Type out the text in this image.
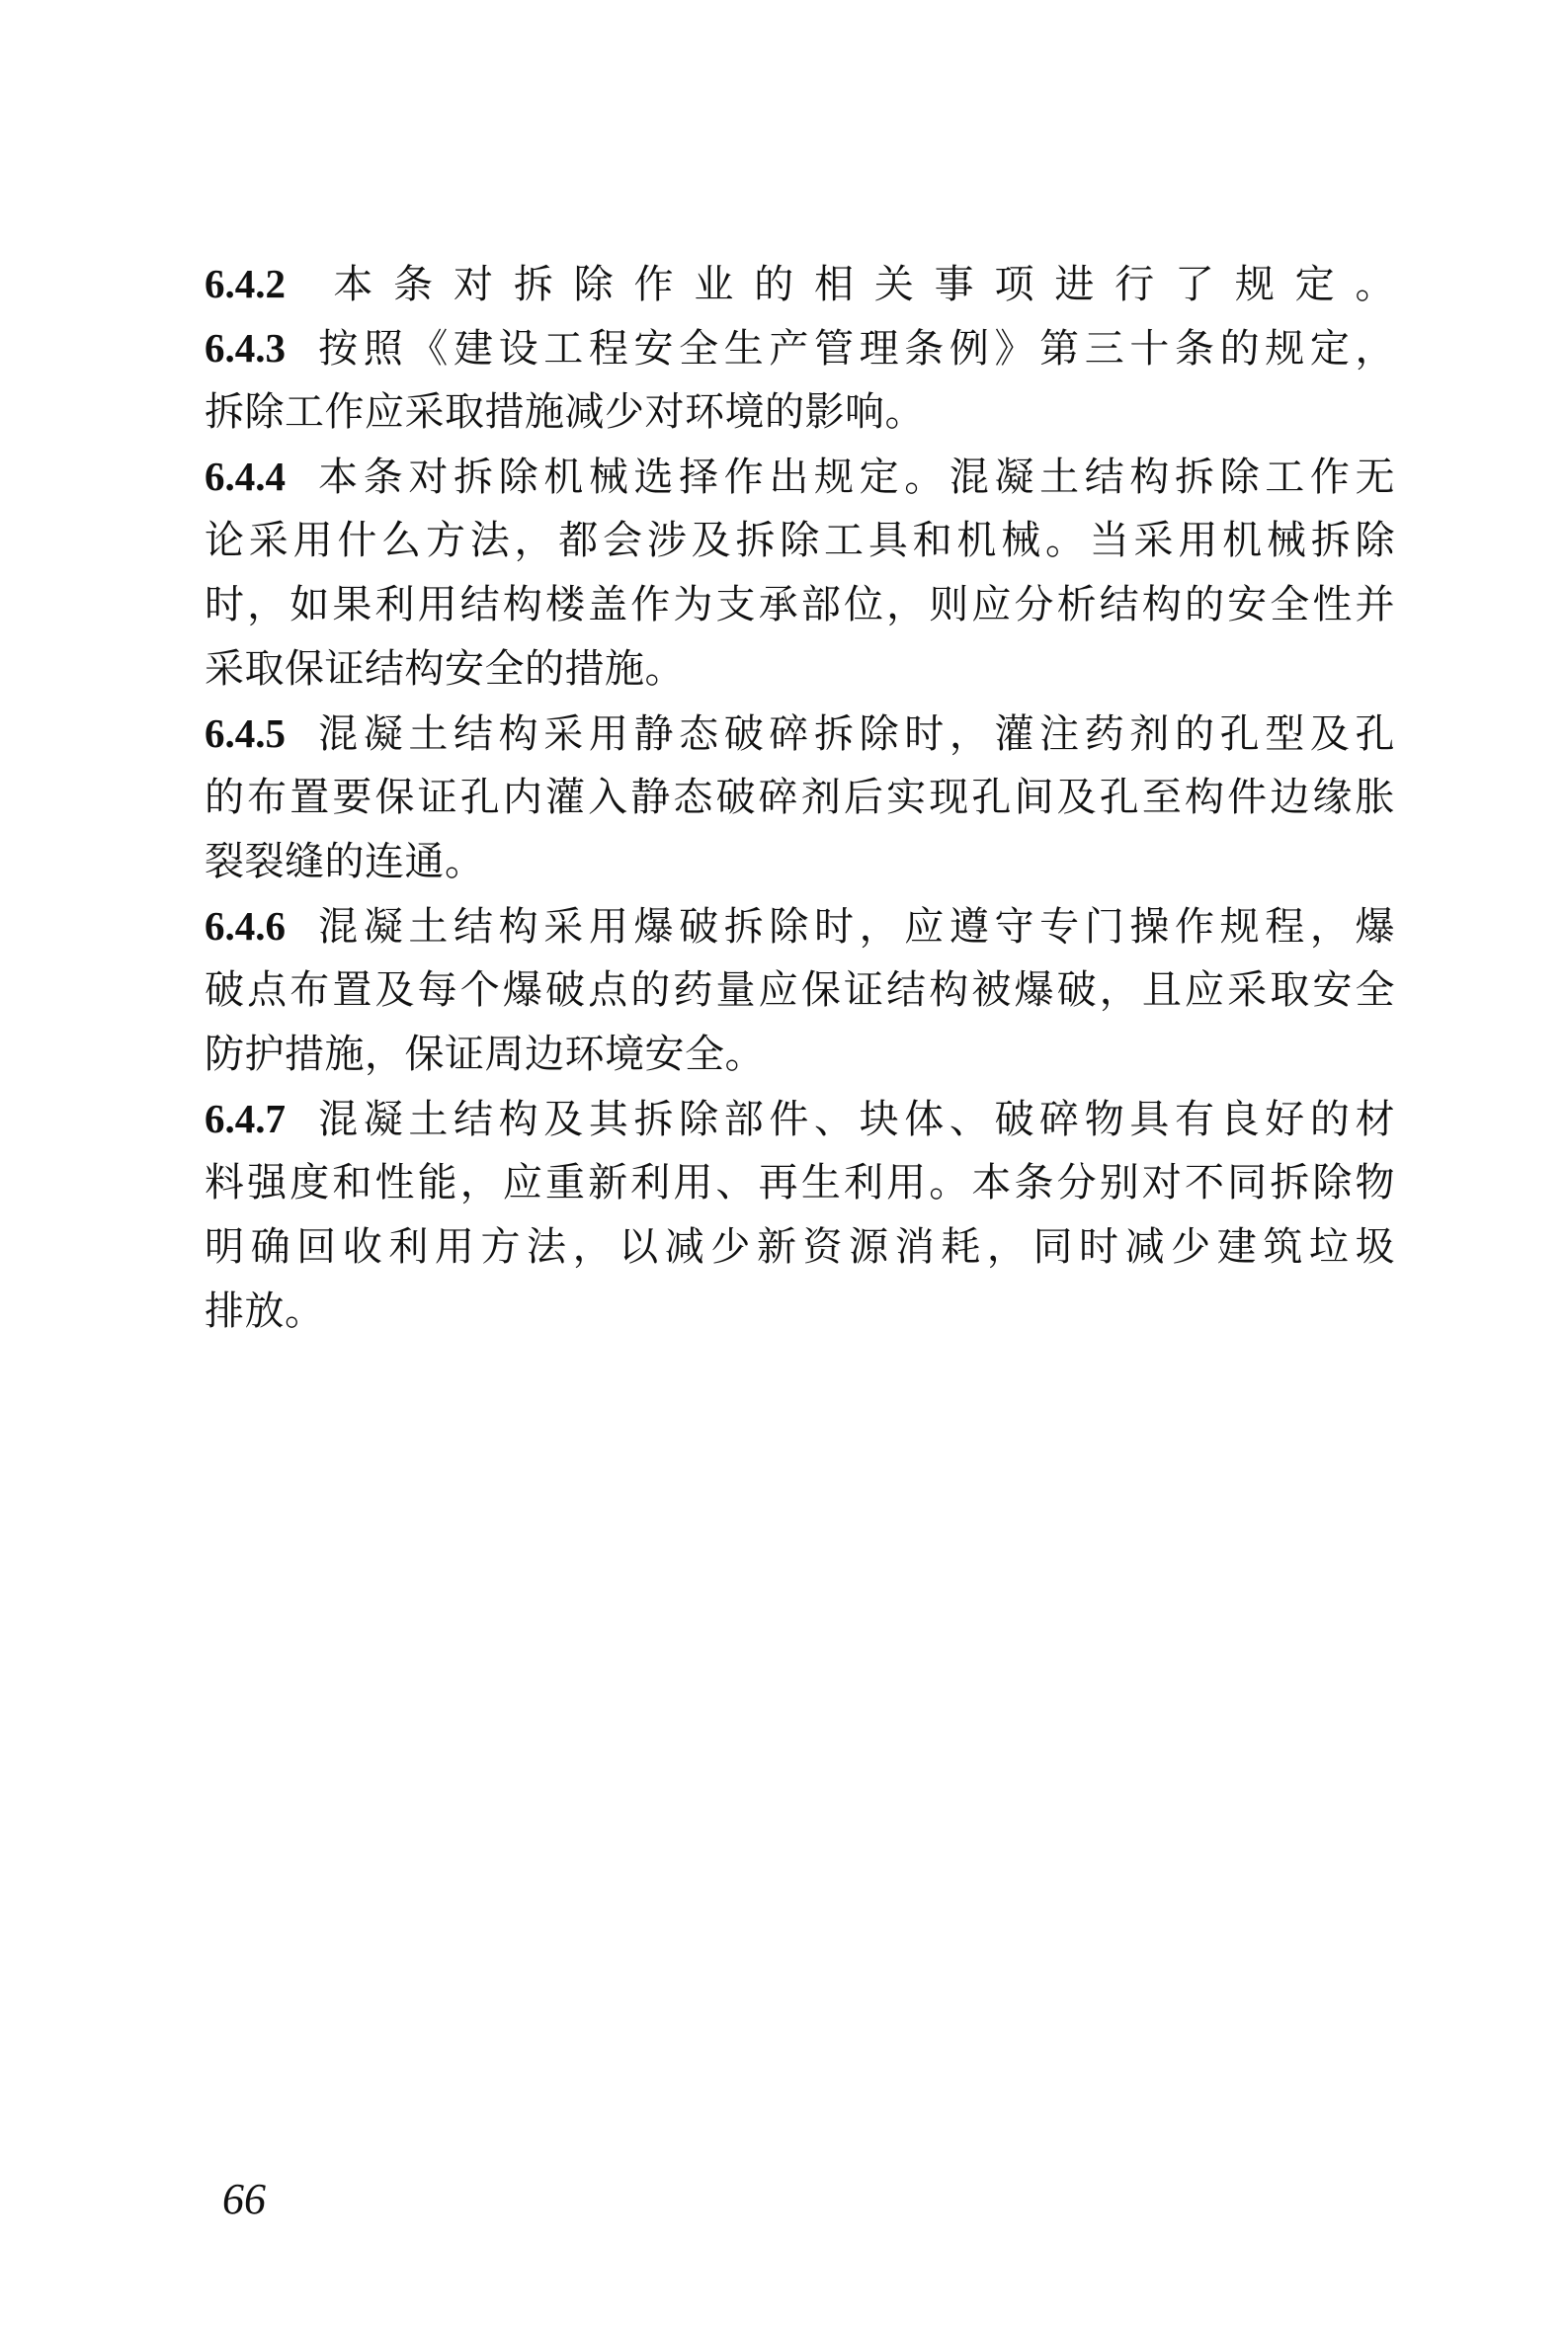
6.4.2 本条对拆除作业的相关事项进行了规定。
6.4.3 按照《建设工程安全生产管理条例》第三十条的规定，
拆除工作应采取措施减少对环境的影响。
6.4.4 本条对拆除机械选择作出规定。混凝土结构拆除工作无
论采用什么方法，都会涉及拆除工具和机械。当采用机械拆除
时，如果利用结构楼盖作为支承部位，则应分析结构的安全性并
采取保证结构安全的措施。
6.4.5 混凝土结构采用静态破碎拆除时，灌注药剂的孔型及孔
的布置要保证孔内灌入静态破碎剂后实现孔间及孔至构件边缘胀
裂裂缝的连通。
6.4.6 混凝土结构采用爆破拆除时，应遵守专门操作规程，爆
破点布置及每个爆破点的药量应保证结构被爆破，且应采取安全
防护措施，保证周边环境安全。
6.4.7 混凝土结构及其拆除部件、块体、破碎物具有良好的材
料强度和性能，应重新利用、再生利用。本条分别对不同拆除物
明确回收利用方法，以减少新资源消耗，同时减少建筑垃圾
排放。
66
